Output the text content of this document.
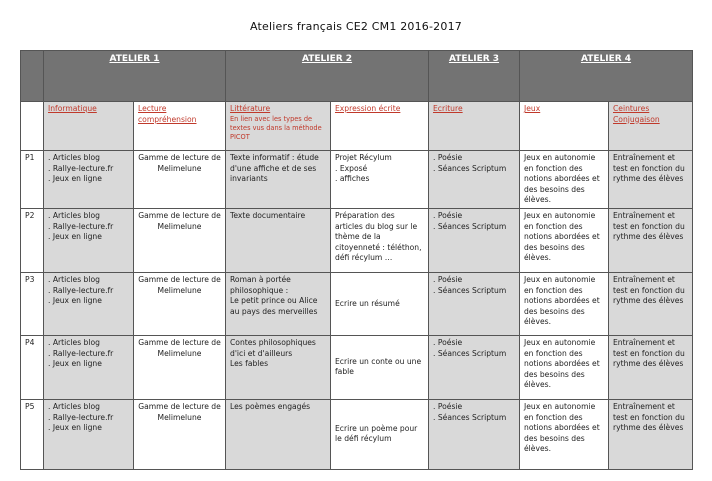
Ateliers français CE2 CM1 2016-2017
	ATELIER 1		ATELIER 2		ATELIER 3	ATELIER 4	

	Informatique	Lecture compréhension	Littérature
En lien avec les types de textes vus dans la méthode PICOT	Expression écrite	Ecriture	Jeux	Ceintures Conjugaison

P1	. Articles blog
. Rallye-lecture.fr
. Jeux en ligne	Gamme de lecture de Melimelune	Texte informatif : étude d'une affiche et de ses invariants	Projet Récylum
. Exposé
. affiches	. Poésie
. Séances Scriptum	Jeux en autonomie en fonction des notions abordées et des besoins des élèves.	Entraînement et test en fonction du rythme des élèves
P2	. Articles blog
. Rallye-lecture.fr
. Jeux en ligne	Gamme de lecture de Melimelune	Texte documentaire	Préparation des articles du blog sur le thème de la citoyenneté : téléthon, défi récylum …	. Poésie
. Séances Scriptum	Jeux en autonomie en fonction des notions abordées et des besoins des élèves.	Entraînement et test en fonction du rythme des élèves
P3	. Articles blog
. Rallye-lecture.fr
. Jeux en ligne	Gamme de lecture de Melimelune	Roman à portée philosophique :
Le petit prince ou Alice au pays des merveilles	Ecrire un résumé	. Poésie
. Séances Scriptum	Jeux en autonomie en fonction des notions abordées et des besoins des élèves.	Entraînement et test en fonction du rythme des élèves
P4	. Articles blog
. Rallye-lecture.fr
. Jeux en ligne	Gamme de lecture de Melimelune	Contes philosophiques d'ici et d'ailleurs
Les fables	Ecrire un conte ou une fable	. Poésie
. Séances Scriptum	Jeux en autonomie en fonction des notions abordées et des besoins des élèves.	Entraînement et test en fonction du rythme des élèves
P5	. Articles blog
. Rallye-lecture.fr
. Jeux en ligne	Gamme de lecture de Melimelune	Les poèmes engagés	Ecrire un poème pour le défi récylum	. Poésie
. Séances Scriptum	Jeux en autonomie en fonction des notions abordées et des besoins des élèves.	Entraînement et test en fonction du rythme des élèves
